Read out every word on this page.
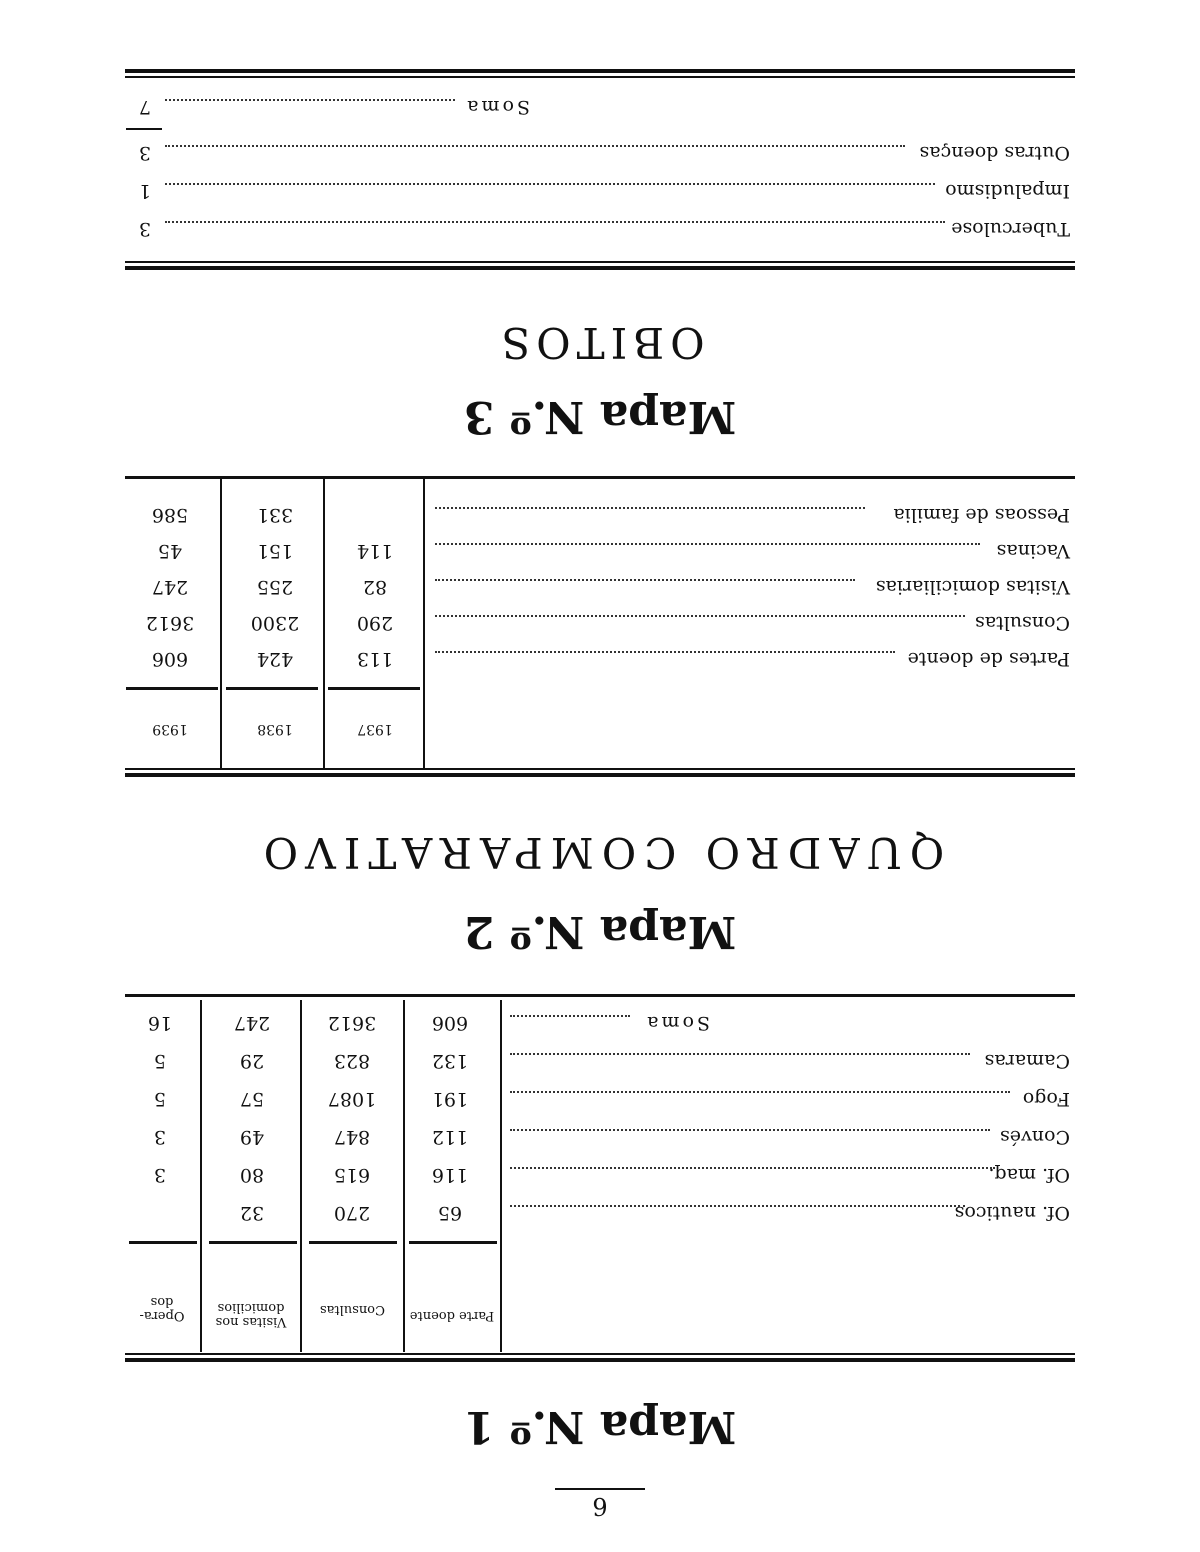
6
Mapa N.º 1
Parte doente
Consultas
Visitas nos domicilios
Opera- dos
Of. nauticos
65
270
32
Of. maq.
116
615
80
3
Convés
112
847
49
3
Fogo
191
1087
57
5
Camaras
132
823
29
5
Soma
606
3612
247
16
Mapa N.º 2
QUADRO COMPARATIVO
1937
1938
1939
Partes de doente
113
424
606
Consultas
290
2300
3612
Visitas domiciliarias
82
255
247
Vacinas
114
151
45
Pessoas de familia
331
586
Mapa N.º 3
OBITOS
Tuberculose
3
Impaludismo
1
Outras doenças
3
Soma
7
